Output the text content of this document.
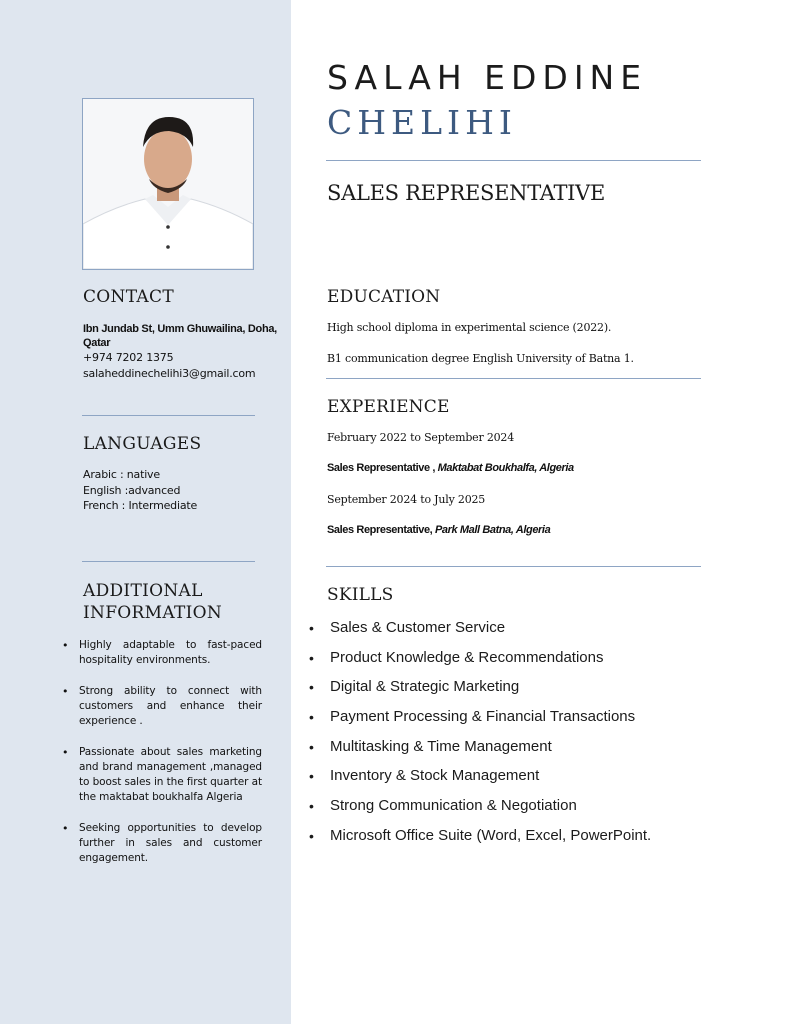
CONTACT
Ibn Jundab St, Umm Ghuwailina, Doha, Qatar
+974 7202 1375
salaheddinechelihi3@gmail.com
LANGUAGES
Arabic : native
English :advanced
French : Intermediate
ADDITIONAL
INFORMATION
• Highly adaptable to fast-paced hospitality environments.
• Strong ability to connect with customers and enhance their experience .
• Passionate about sales marketing and brand management ,managed to boost sales in the first quarter at the maktabat boukhalfa Algeria
• Seeking opportunities to develop further in sales and customer engagement.
SALAH EDDINE
CHELIHI
SALES REPRESENTATIVE
EDUCATION
High school diploma in experimental science (2022).
B1 communication degree English University of Batna 1.
EXPERIENCE
February 2022 to September 2024
Sales Representative , Maktabat Boukhalfa, Algeria
September 2024 to July 2025
Sales Representative, Park Mall Batna, Algeria
SKILLS
• Sales & Customer Service
• Product Knowledge & Recommendations
• Digital & Strategic Marketing
• Payment Processing & Financial Transactions
• Multitasking & Time Management
• Inventory & Stock Management
• Strong Communication & Negotiation
• Microsoft Office Suite (Word, Excel, PowerPoint.
